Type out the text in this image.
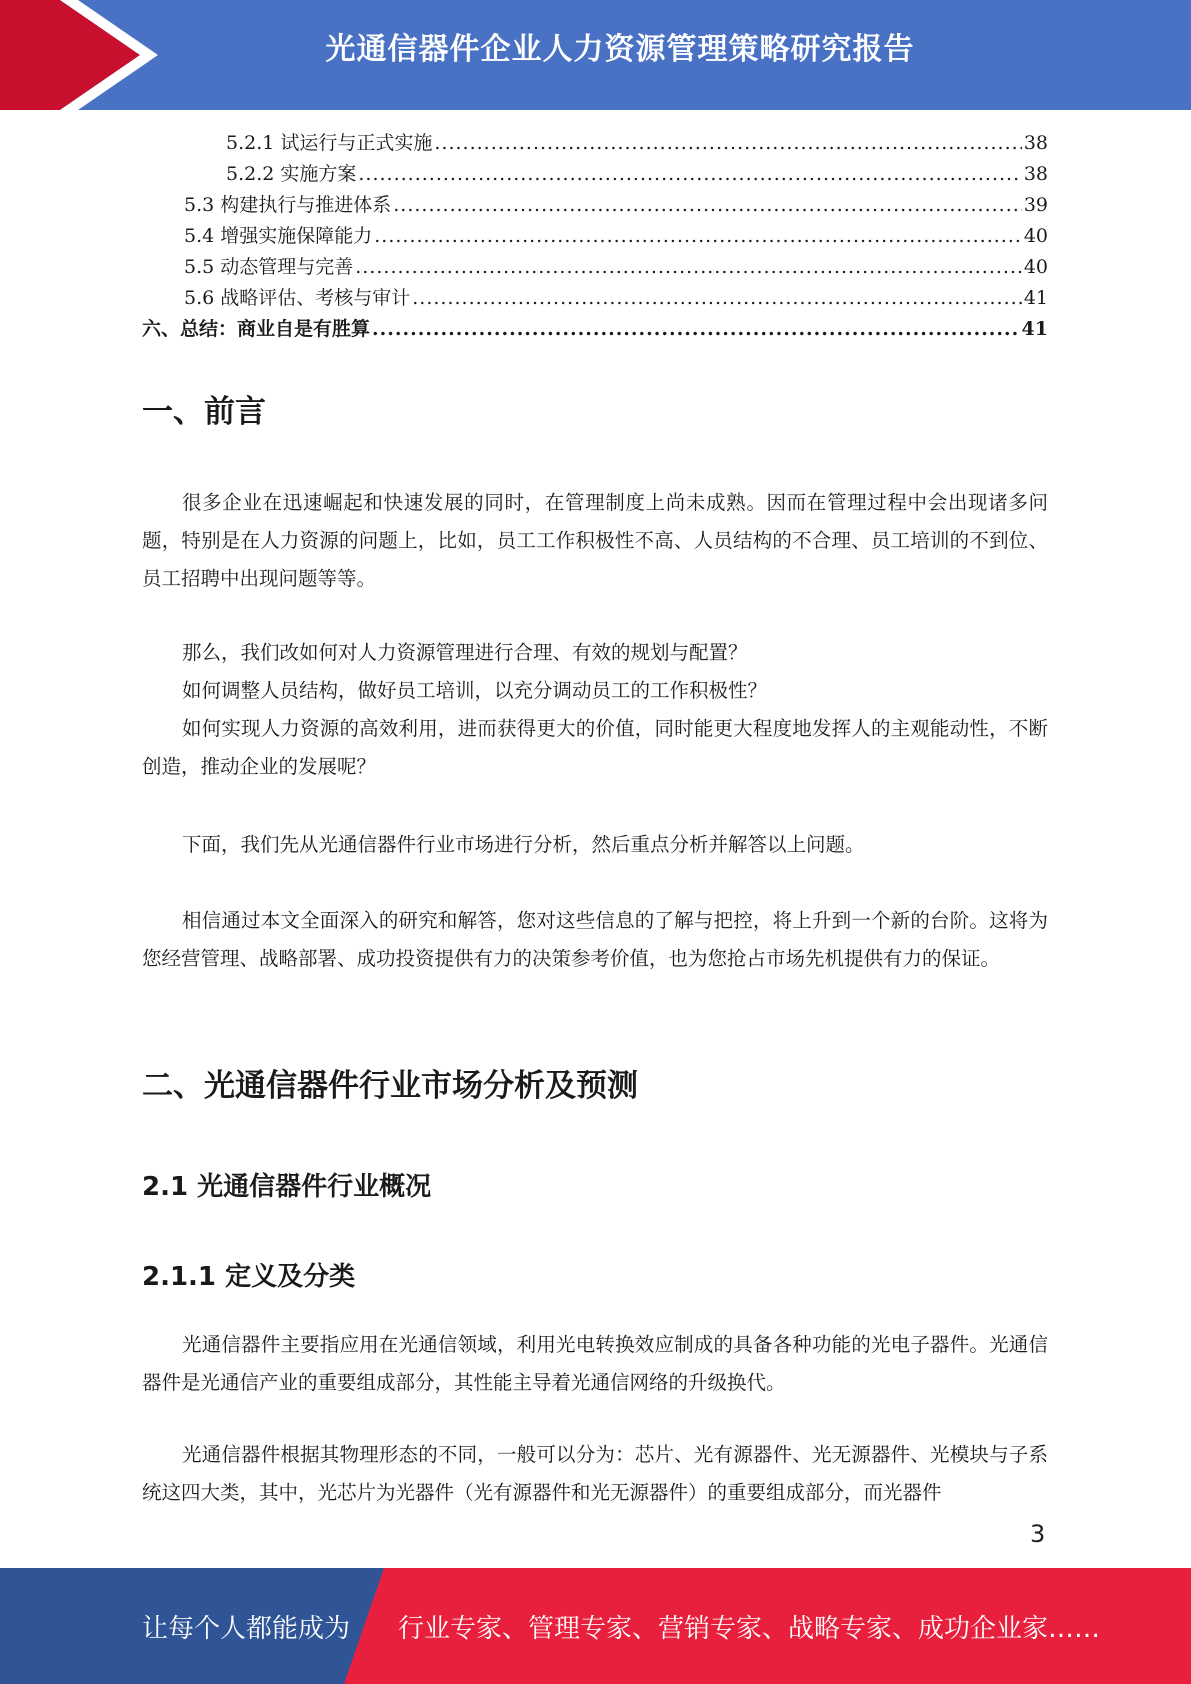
光通信器件企业人力资源管理策略研究报告
5.2.1 试运行与正式实施 .....	38
5.2.2 实施方案 .....	38
5.3 构建执行与推进体系 .....	39
5.4 增强实施保障能力 .....	40
5.5 动态管理与完善 .....	40
5.6 战略评估、考核与审计 .....	41
六、总结：商业自是有胜算 .....	41
一、前言

很多企业在迅速崛起和快速发展的同时，在管理制度上尚未成熟。因而在管理过程中会出现诸多问题，特别是在人力资源的问题上，比如，员工工作积极性不高、人员结构的不合理、员工培训的不到位、员工招聘中出现问题等等。

那么，我们改如何对人力资源管理进行合理、有效的规划与配置？

如何调整人员结构，做好员工培训，以充分调动员工的工作积极性？

如何实现人力资源的高效利用，进而获得更大的价值，同时能更大程度地发挥人的主观能动性，不断创造，推动企业的发展呢？

下面，我们先从光通信器件行业市场进行分析，然后重点分析并解答以上问题。

相信通过本文全面深入的研究和解答，您对这些信息的了解与把控，将上升到一个新的台阶。这将为您经营管理、战略部署、成功投资提供有力的决策参考价值，也为您抢占市场先机提供有力的保证。

二、光通信器件行业市场分析及预测
2.1 光通信器件行业概况
2.1.1 定义及分类

光通信器件主要指应用在光通信领域，利用光电转换效应制成的具备各种功能的光电子器件。光通信器件是光通信产业的重要组成部分，其性能主导着光通信网络的升级换代。

光通信器件根据其物理形态的不同，一般可以分为：芯片、光有源器件、光无源器件、光模块与子系统这四大类，其中，光芯片为光器件（光有源器件和光无源器件）的重要组成部分，而光器件

3
让每个人都能成为 行业专家、管理专家、营销专家、战略专家、成功企业家……
